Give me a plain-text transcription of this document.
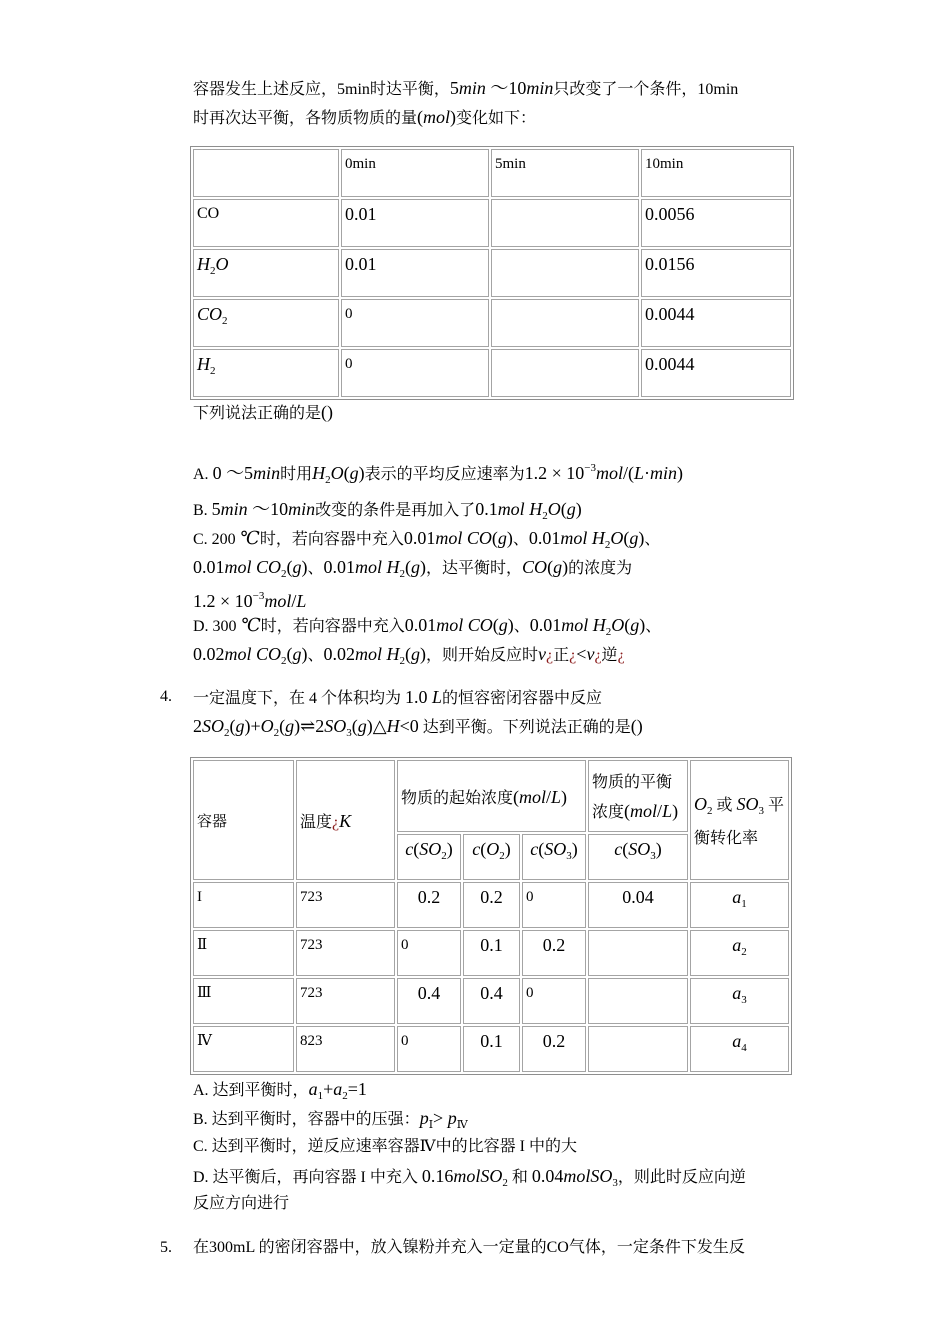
容器发生上述反应，5min时达平衡，5min ～10min只改变了一个条件，10min
时再次达平衡，各物质物质的量(mol)变化如下：
	0min	5min	10min
CO	0.01		0.0056
$H_2O$	0.01		0.0156
$CO_2$	0		0.0044
$H_2$	0		0.0044
下列说法正确的是()
A. 0 ～5min时用$H_2O(g)$表示的平均反应速率为$1.2 \times 10^{-3}mol/(L\cdot\min)$
B. 5min ～10min改变的条件是再加入了0.1mol $H_2O(g)$
C. 200 ℃时，若向容器中充入0.01mol CO(g)、0.01mol $H_2O(g)$、
0.01mol $CO_2(g)$、0.01mol $H_2(g)$，达平衡时，CO(g)的浓度为
$1.2 \times 10^{-3}mol/L$
D. 300 ℃时，若向容器中充入0.01mol CO(g)、0.01mol $H_2O(g)$、
0.02mol $CO_2(g)$、0.02mol $H_2(g)$，则开始反应时v¿正¿<v¿逆¿
4. 一定温度下，在 4 个体积均为 1.0 L的恒容密闭容器中反应
$2SO_2(g)+O_2(g)\rightleftharpoons 2SO_3(g)\triangle H<0$ 达到平衡。下列说法正确的是()
容器	温度¿K	物质的起始浓度(mol/L)			物质的平衡浓度(mol/L)	$O_2$ 或 $SO_3$ 平衡转化率
		$c(SO_2)$	$c(O_2)$	$c(SO_3)$	$c(SO_3)$	
I	723	0.2	0.2	0	0.04	$a_1$
Ⅱ	723	0	0.1	0.2		$a_2$
Ⅲ	723	0.4	0.4	0		$a_3$
Ⅳ	823	0	0.1	0.2		$a_4$
A. 达到平衡时，$a_1+a_2=1$
B. 达到平衡时，容器中的压强：$p_Ⅰ> p_Ⅳ$
C. 达到平衡时，逆反应速率容器Ⅳ中的比容器 I 中的大
D. 达平衡后，再向容器 I 中充入 0.16molSO$_2$ 和 0.04molSO$_3$，则此时反应向逆
反应方向进行
5. 在300mL 的密闭容器中，放入镍粉并充入一定量的CO气体，一定条件下发生反
